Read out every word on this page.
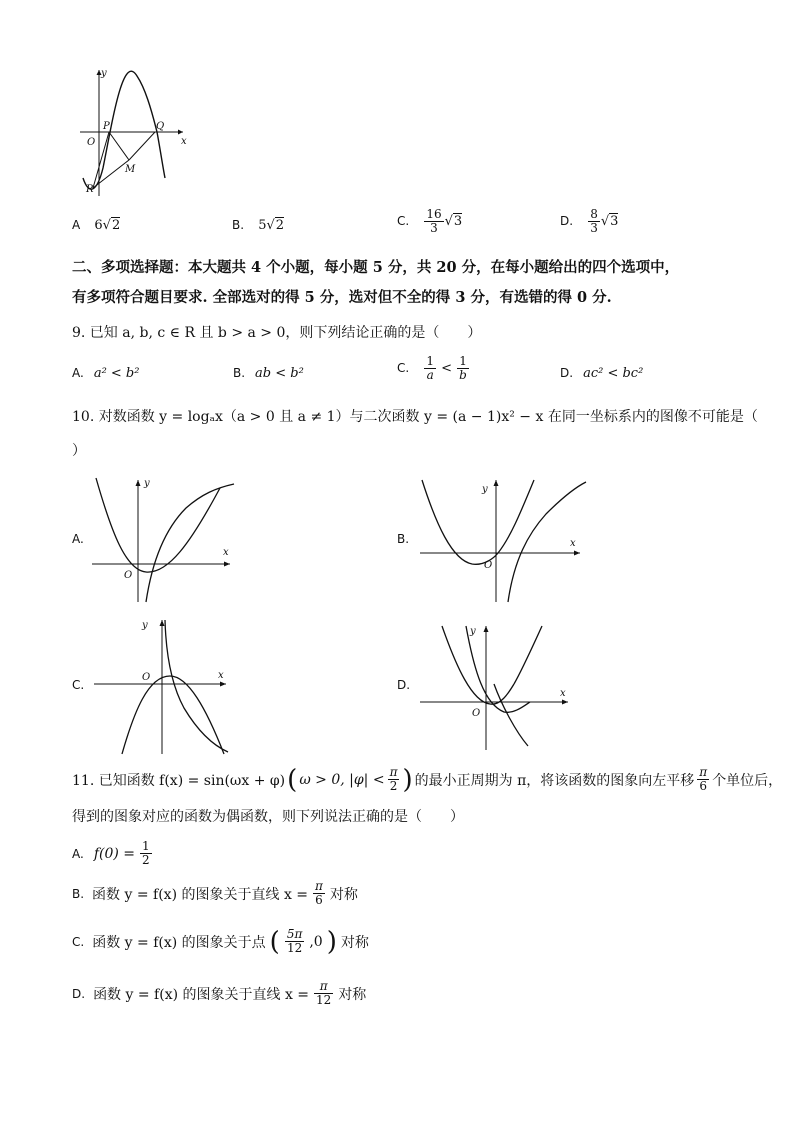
y
x
O
P	Q
M
R
A 6√2	B. 5√2	C. $\frac{16}{3} √3$	D. $\frac{8}{3} √3$
二、多项选择题：本大题共 4 个小题，每小题 5 分，共 20 分，在每小题给出的四个选项中，
有多项符合题目要求. 全部选对的得 5 分，选对但不全的得 3 分，有选错的得 0 分.
9. 已知 a, b, c ∈ R 且 b > a > 0，则下列结论正确的是（　　）
A. a² < b²	B. ab < b²	C. $\frac{1}{a} < \frac{1}{b}$	D. ac² < bc²
10. 对数函数 y = logₐx（a > 0 且 a ≠ 1）与二次函数 y = (a − 1)x² − x 在同一坐标系内的图像不可能是（
）
A.
y
x
O
B.
y
x
O
C.
y
x
O
D.
y
x
O
11. 已知函数 f(x) = sin(ωx + φ) ( ω > 0, $|\varphi| < \frac{\pi}{2}$ ) 的最小正周期为 π，将该函数的图象向左平移 $\frac{\pi}{6}$ 个单位后，
得到的图象对应的函数为偶函数，则下列说法正确的是（　　）
A. $f(0) = \frac{1}{2}$
B. 函数 y = f(x) 的图象关于直线 $x = \frac{\pi}{6}$ 对称
C. 函数 y = f(x) 的图象关于点 ( $\frac{5\pi}{12} ,0$ ) 对称
D. 函数 y = f(x) 的图象关于直线 $x = \frac{\pi}{12}$ 对称
